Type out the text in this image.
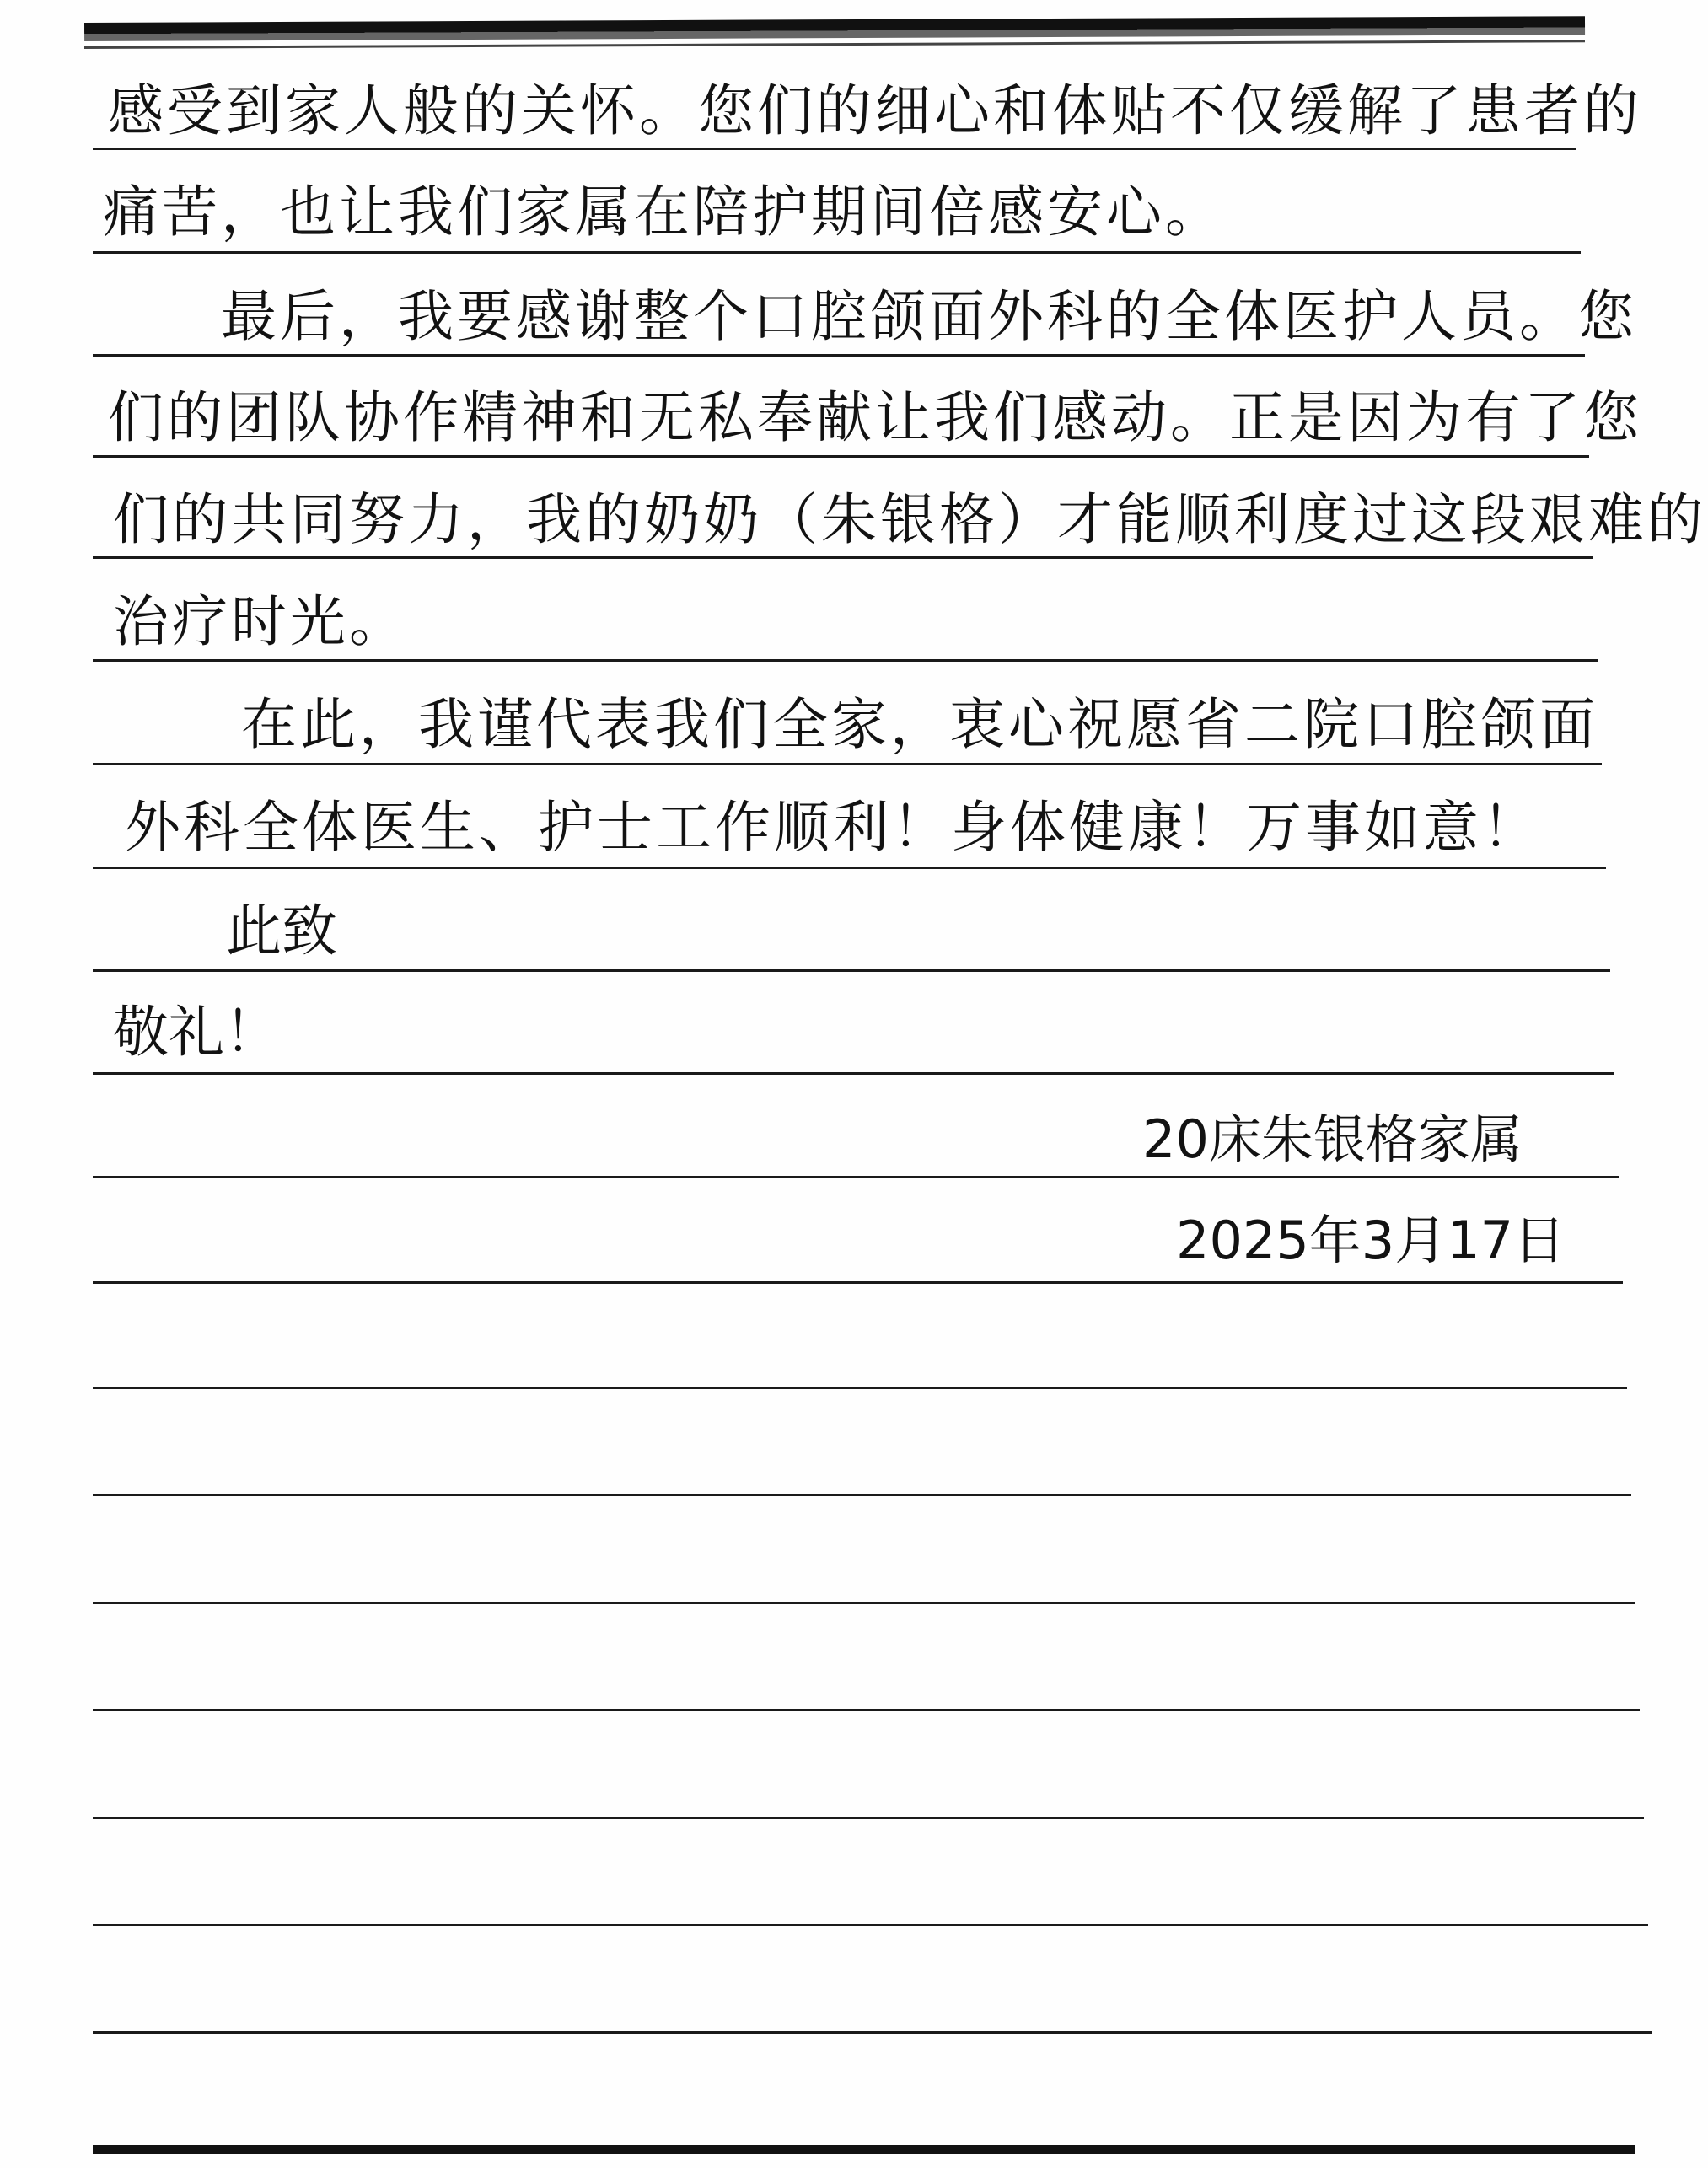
感受到家人般的关怀。您们的细心和体贴不仅缓解了患者的
痛苦，也让我们家属在陪护期间倍感安心。
最后，我要感谢整个口腔颌面外科的全体医护人员。您
们的团队协作精神和无私奉献让我们感动。正是因为有了您
们的共同努力，我的奶奶（朱银格）才能顺利度过这段艰难的
治疗时光。
在此，我谨代表我们全家，衷心祝愿省二院口腔颌面
外科全体医生、护士工作顺利！身体健康！万事如意！
此致
敬礼！
20床朱银格家属
2025年3月17日
